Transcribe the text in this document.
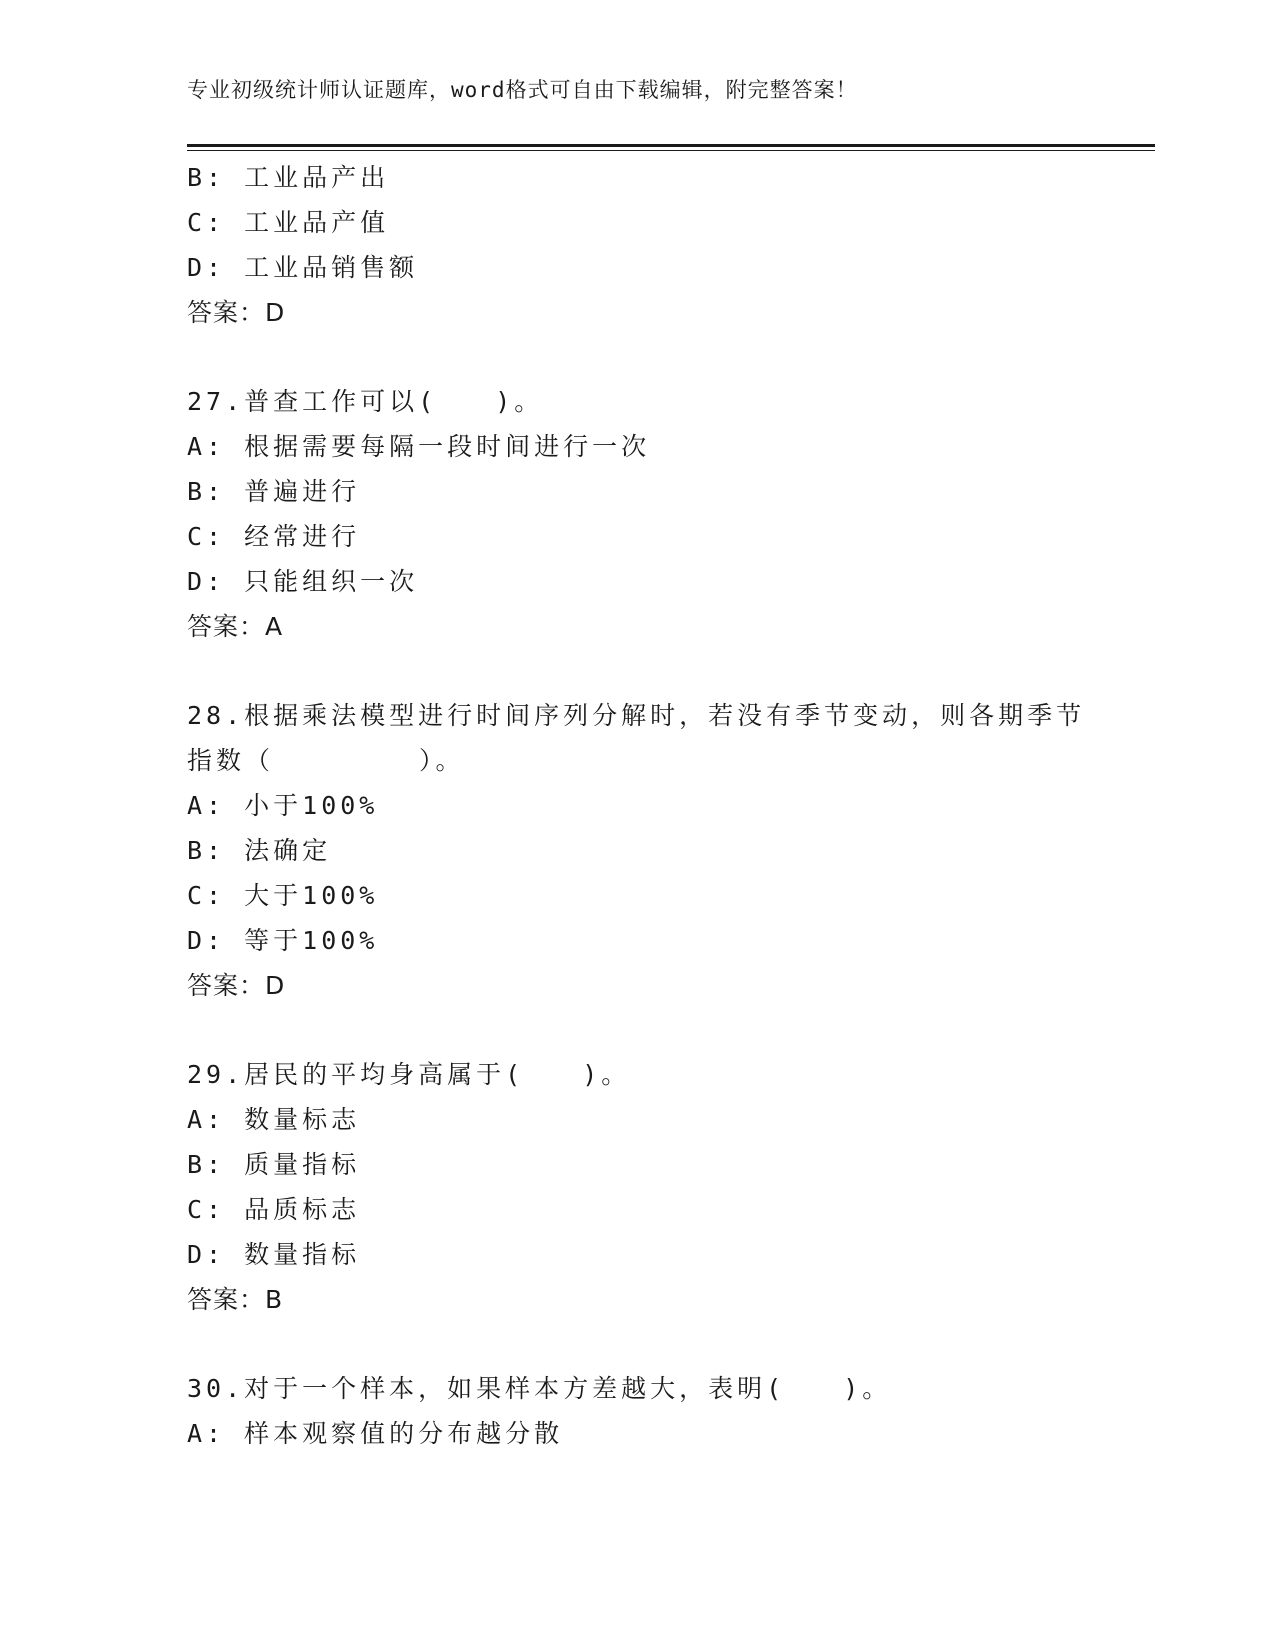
专业初级统计师认证题库，word格式可自由下载编辑，附完整答案！
B: 工业品产出
C: 工业品产值
D: 工业品销售额
答案：D
27.普查工作可以(　　)。
A: 根据需要每隔一段时间进行一次
B: 普遍进行
C: 经常进行
D: 只能组织一次
答案：A
28.根据乘法模型进行时间序列分解时，若没有季节变动，则各期季节
指数（　　　　　）。
A: 小于100%
B: 法确定
C: 大于100%
D: 等于100%
答案：D
29.居民的平均身高属于(　　)。
A: 数量标志
B: 质量指标
C: 品质标志
D: 数量指标
答案：B
30.对于一个样本，如果样本方差越大，表明(　　)。
A: 样本观察值的分布越分散
